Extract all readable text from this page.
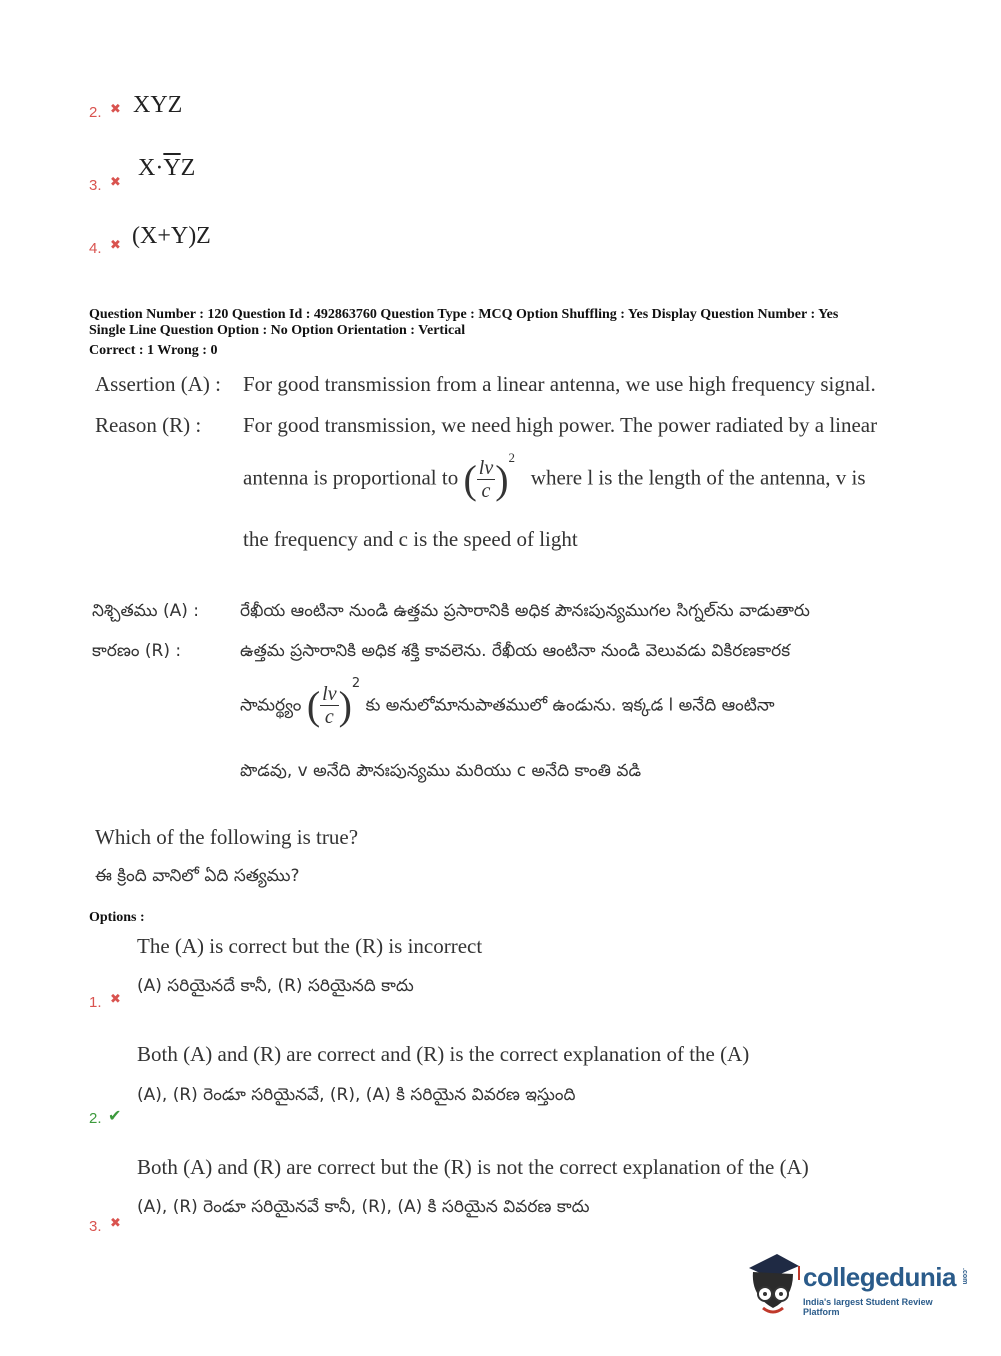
2. ✖ XYZ
3. ✖
$X\cdot\overline{Y}Z$
4. ✖ (X+Y)Z
Question Number : 120 Question Id : 492863760 Question Type : MCQ Option Shuffling : Yes Display Question Number : Yes
Single Line Question Option : No Option Orientation : Vertical
Correct : 1 Wrong : 0
Assertion (A) : For good transmission from a linear antenna, we use high frequency signal.
Reason (R) : For good transmission, we need high power. The power radiated by a linear
antenna is proportional to ( $\frac{lv}{c} )^2$   where l is the length of the antenna, v is
the frequency and c is the speed of light
నిశ్చితము (A) : రేఖీయ ఆంటినా నుండి ఉత్తమ ప్రసారానికి అధిక పౌనఃపున్యముగల సిగ్నల్‌ను వాడుతారు
కారణం (R) :	ఉత్తమ ప్రసారానికి అధిక శక్తి కావలెను. రేఖీయ ఆంటినా నుండి వెలువడు వికిరణకారక
సామర్థ్యం ( $\frac{lv}{c} )^2$ కు అనులోమానుపాతములో ఉండును. ఇక్కడ l అనేది ఆంటినా
పొడవు, v అనేది పౌనఃపున్యము మరియు c అనేది కాంతి వడి
Which of the following is true?
ఈ క్రింది వానిలో ఏది సత్యము?
Options :
The (A) is correct but the (R) is incorrect
(A) సరియైనదే కానీ, (R) సరియైనది కాదు
1. ✖
Both (A) and (R) are correct and (R) is the correct explanation of the (A)
(A), (R) రెండూ సరియైనవే, (R), (A) కి సరియైన వివరణ ఇస్తుంది
2. ✔
Both (A) and (R) are correct but the (R) is not the correct explanation of the (A)
(A), (R) రెండూ సరియైనవే కానీ, (R), (A) కి సరియైన వివరణ కాదు
3. ✖
collegedunia .com
India's largest Student Review Platform
